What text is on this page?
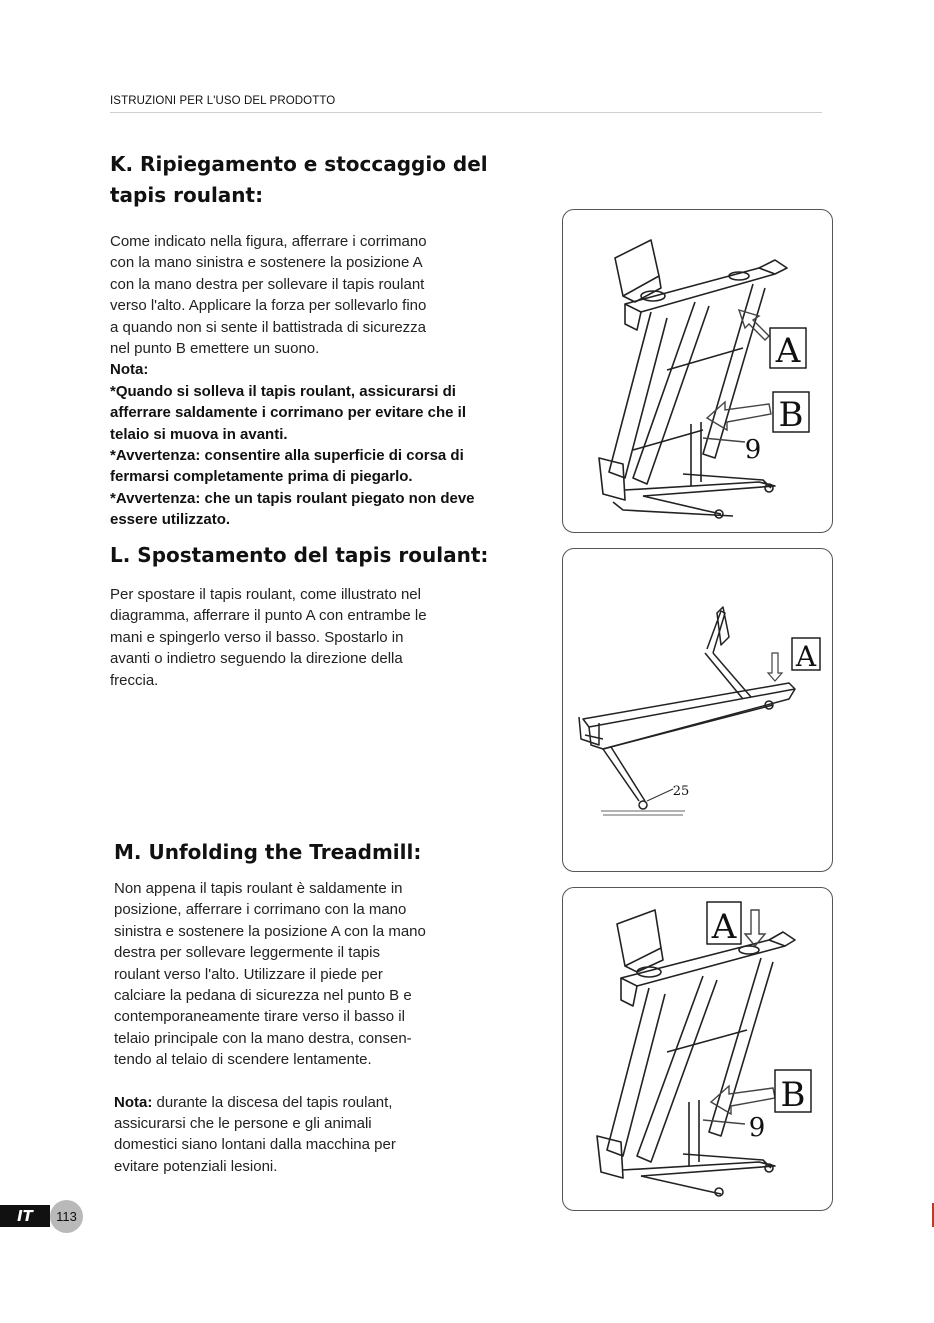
ISTRUZIONI PER L'USO DEL PRODOTTO
K. Ripiegamento e stoccaggio del
tapis roulant:

Come indicato nella figura, afferrare i corrimano

con la mano sinistra e sostenere la posizione A

con la mano destra per sollevare il tapis roulant

verso l'alto. Applicare la forza per sollevarlo fino

a quando non si sente il battistrada di sicurezza

nel punto B emettere un suono.

Nota:

*Quando si solleva il tapis roulant, assicurarsi di

afferrare saldamente i corrimano per evitare che il

telaio si muova in avanti.

*Avvertenza: consentire alla superficie di corsa di

fermarsi completamente prima di piegarlo.

*Avvertenza: che un tapis roulant piegato non deve

essere utilizzato.

L. Spostamento del tapis roulant:

Per spostare il tapis roulant, come illustrato nel

diagramma, afferrare il punto A con entrambe le

mani e spingerlo verso il basso. Spostarlo in

avanti o indietro seguendo la direzione della

freccia.

M. Unfolding the Treadmill:

Non appena il tapis roulant è saldamente in

posizione, afferrare i corrimano con la mano

sinistra e sostenere la posizione A con la mano

destra per sollevare leggermente il tapis

roulant verso l'alto. Utilizzare il piede per

calciare la pedana di sicurezza nel punto B e

contemporaneamente tirare verso il basso il

telaio principale con la mano destra, consen-

tendo al telaio di scendere lentamente.

Nota: durante la discesa del tapis roulant,

assicurarsi che le persone e gli animali

domestici siano lontani dalla macchina per

evitare potenziali lesioni.

A
B
9
A
25
A
B
9
IT	113
